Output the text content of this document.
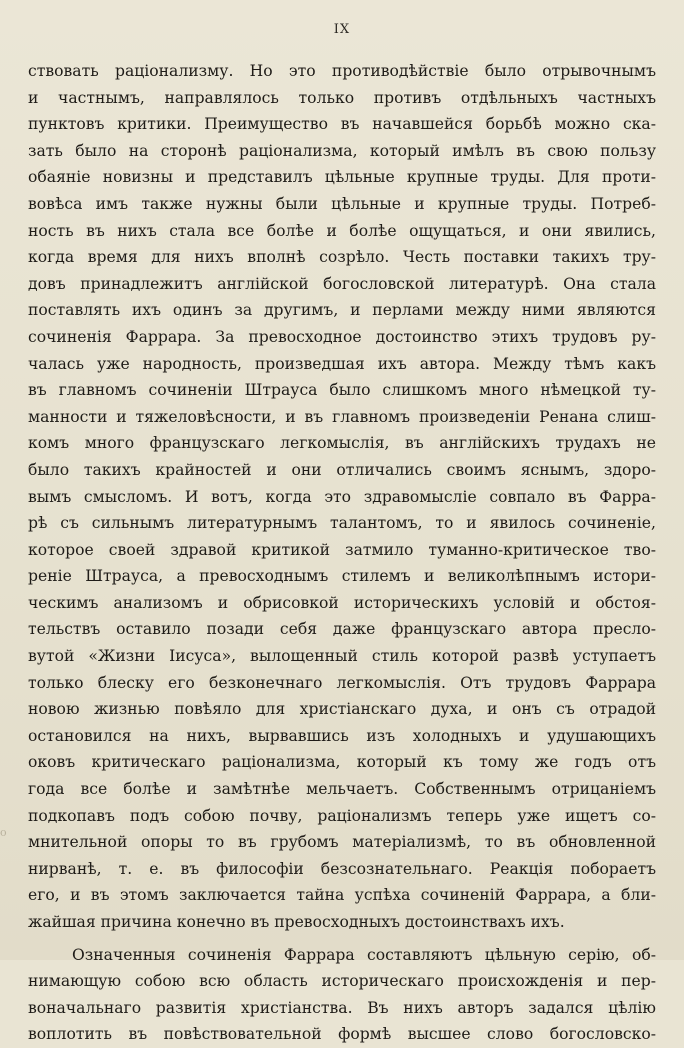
IX

ствовать раціонализму. Но это противодѣйствіе было отрывочнымъ
и частнымъ, направлялось только противъ отдѣльныхъ частныхъ
пунктовъ критики. Преимущество въ начавшейся борьбѣ можно ска-
зать было на сторонѣ раціонализма, который имѣлъ въ свою пользу
обаяніе новизны и представилъ цѣльные крупные труды. Для проти-
вовѣса имъ также нужны были цѣльные и крупные труды. Потреб-
ность въ нихъ стала все болѣе и болѣе ощущаться, и они явились,
когда время для нихъ вполнѣ созрѣло. Честь поставки такихъ тру-
довъ принадлежитъ англійской богословской литературѣ. Она стала
поставлять ихъ одинъ за другимъ, и перлами между ними являются
сочиненія Фаррара. За превосходное достоинство этихъ трудовъ ру-
чалась уже народность, произведшая ихъ автора. Между тѣмъ какъ
въ главномъ сочиненіи Штрауса было слишкомъ много нѣмецкой ту-
манности и тяжеловѣсности, и въ главномъ произведеніи Ренана слиш-
комъ много французскаго легкомыслія, въ англійскихъ трудахъ не
было такихъ крайностей и они отличались своимъ яснымъ, здоро-
вымъ смысломъ. И вотъ, когда это здравомысліе совпало въ Фарра-
рѣ съ сильнымъ литературнымъ талантомъ, то и явилось сочиненіе,
которое своей здравой критикой затмило туманно-критическое тво-
реніе Штрауса, а превосходнымъ стилемъ и великолѣпнымъ истори-
ческимъ анализомъ и обрисовкой историческихъ условій и обстоя-
тельствъ оставило позади себя даже французскаго автора пресло-
вутой «Жизни Іисуса», вылощенный стиль которой развѣ уступаетъ
только блеску его безконечнаго легкомыслія. Отъ трудовъ Фаррара
новою жизнью повѣяло для христіанскаго духа, и онъ съ отрадой
остановился на нихъ, вырвавшись изъ холодныхъ и удушающихъ
оковъ критическаго раціонализма, который къ тому же годъ отъ
года все болѣе и замѣтнѣе мельчаетъ. Собственнымъ отрицаніемъ
подкопавъ подъ собою почву, раціонализмъ теперь уже ищетъ со-
мнительной опоры то въ грубомъ матеріализмѣ, то въ обновленной
нирванѣ, т. е. въ философіи безсознательнаго. Реакція побораетъ
его, и въ этомъ заключается тайна успѣха сочиненій Фаррара, а бли-
жайшая причина конечно въ превосходныхъ достоинствахъ ихъ.

Означенныя сочиненія Фаррара составляютъ цѣльную серію, об-
нимающую собою всю область историческаго происхожденія и пер-
воначальнаго развитія христіанства. Въ нихъ авторъ задался цѣлію
воплотить въ повѣствовательной формѣ высшее слово богословско-

o
